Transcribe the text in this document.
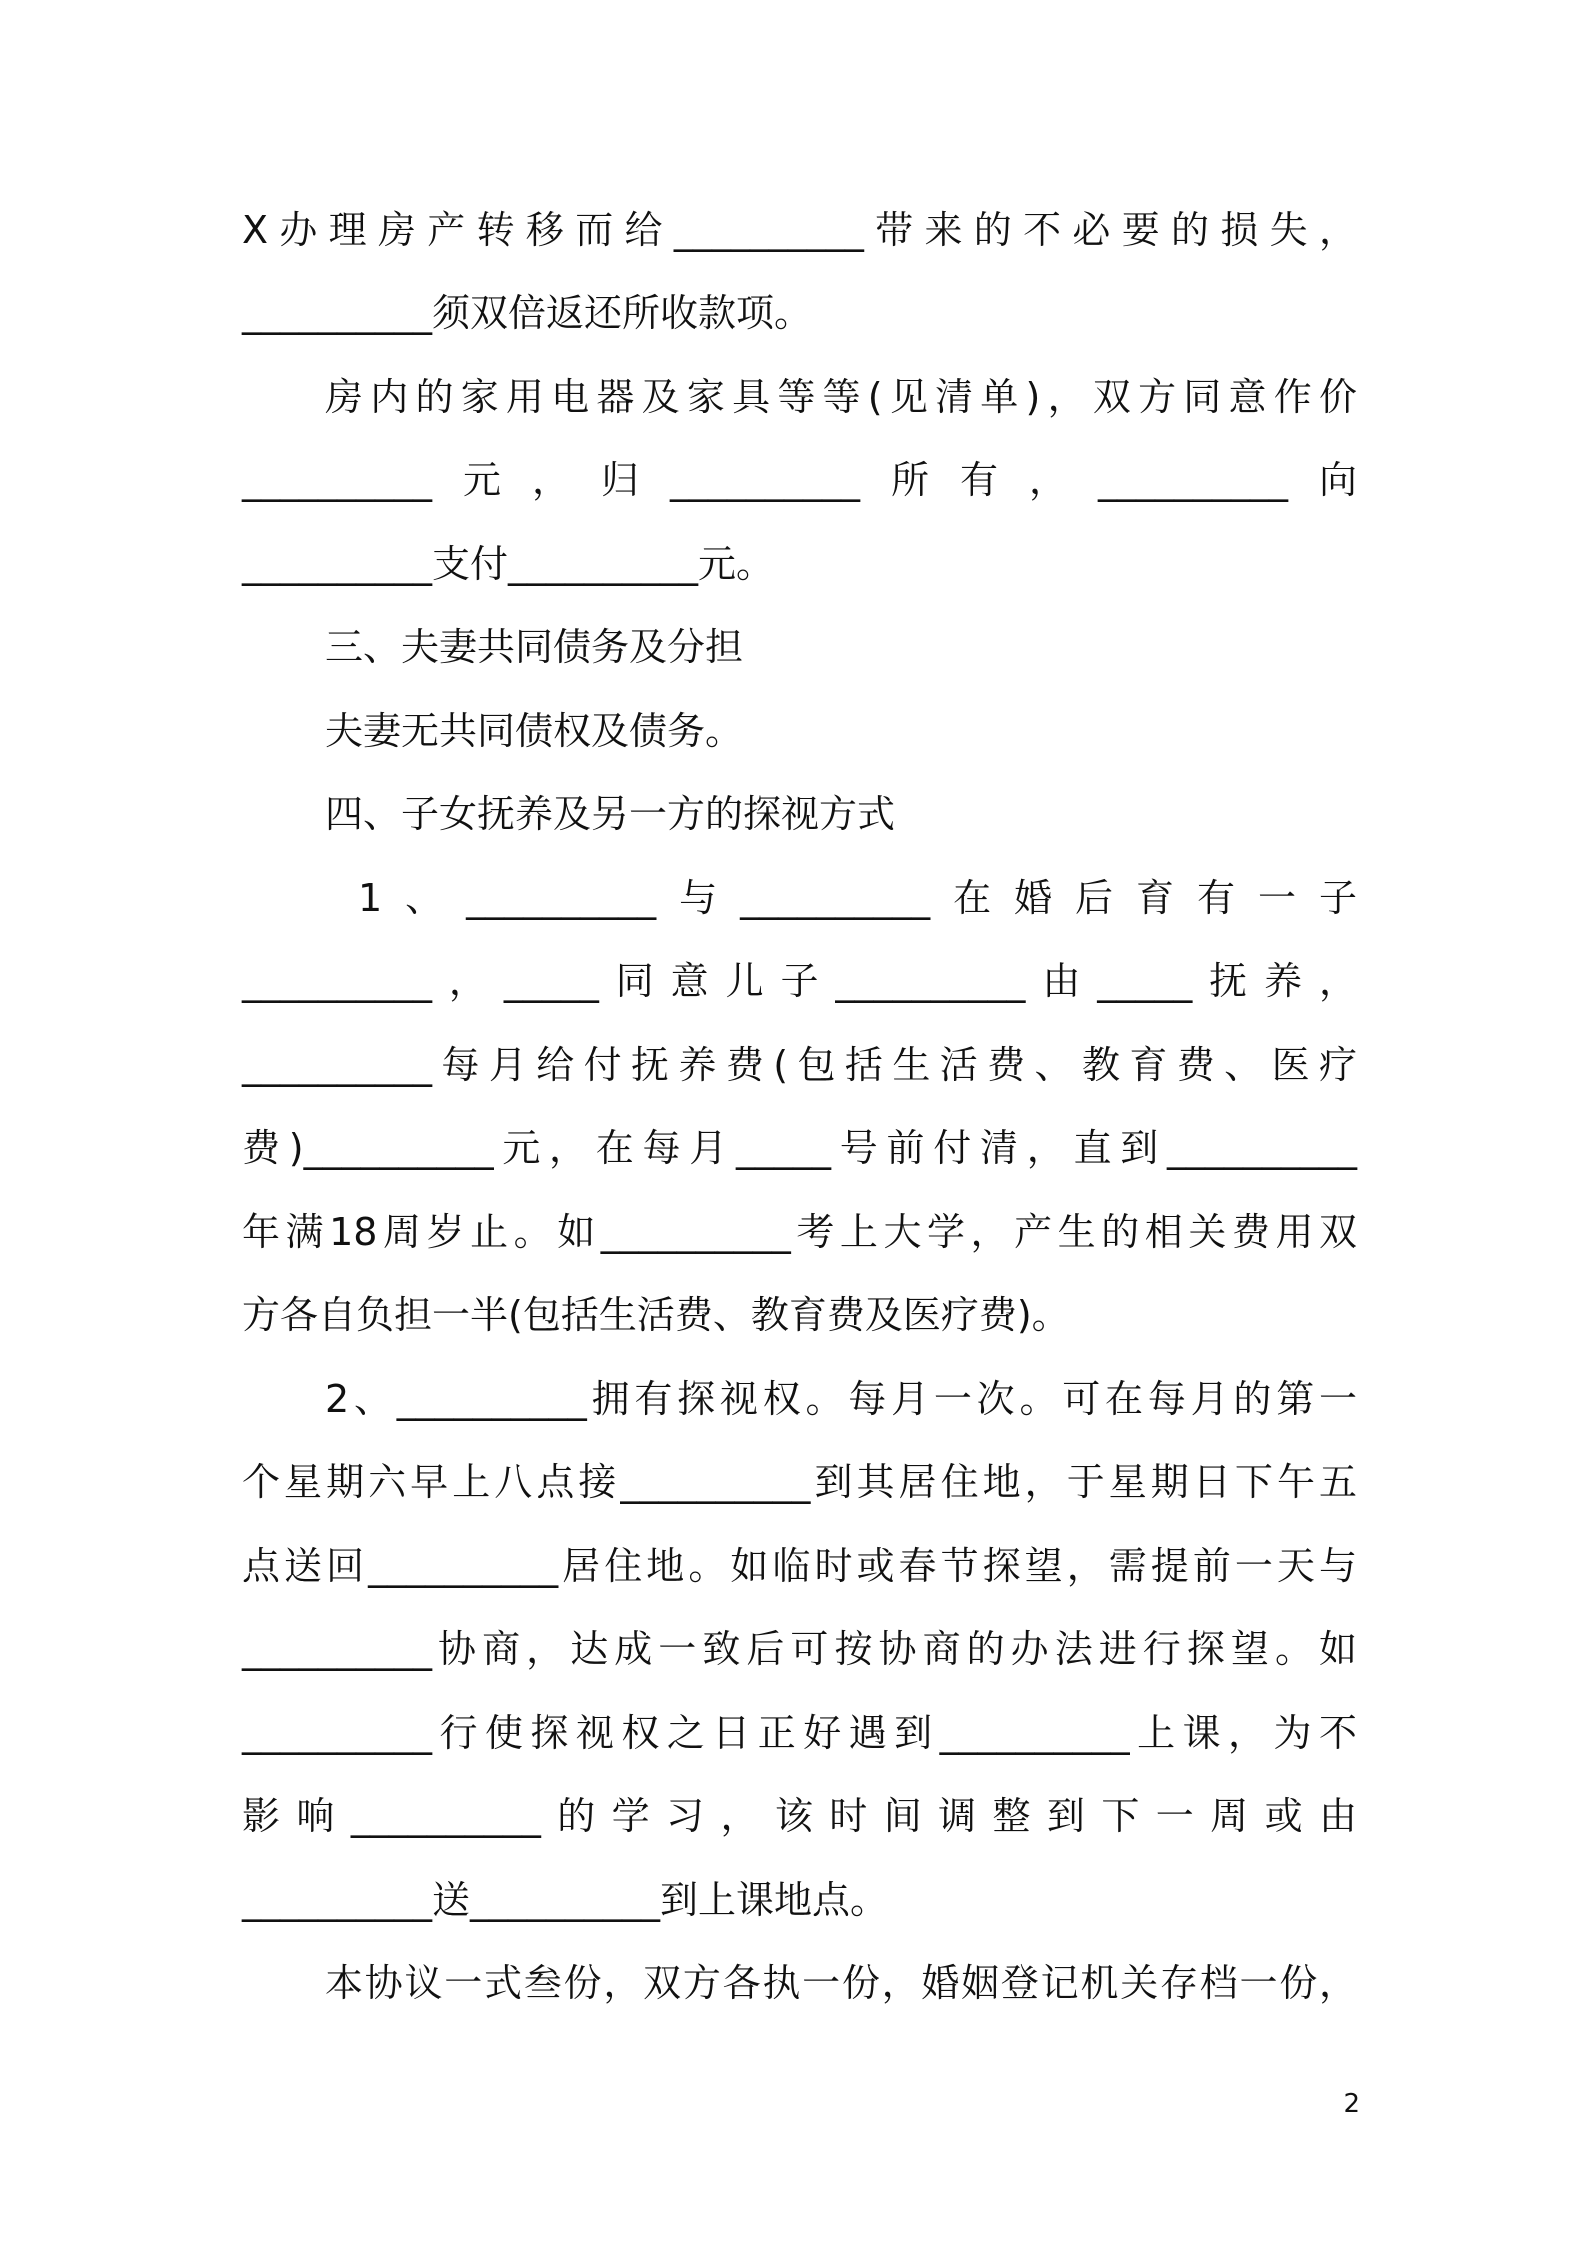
X办理房产转移而给__________带来的不必要的损失，
__________须双倍返还所收款项。
房内的家用电器及家具等等(见清单)，双方同意作价
__________元，归__________所有，__________向
__________支付__________元。
三、夫妻共同债务及分担
夫妻无共同债权及债务。
四、子女抚养及另一方的探视方式
1、__________与__________在婚后育有一子
__________，_____同意儿子__________由_____抚养，
__________每月给付抚养费(包括生活费、教育费、医疗
费)__________元，在每月_____号前付清，直到__________
年满18周岁止。如__________考上大学，产生的相关费用双
方各自负担一半(包括生活费、教育费及医疗费)。
2、__________拥有探视权。每月一次。可在每月的第一
个星期六早上八点接__________到其居住地，于星期日下午五
点送回__________居住地。如临时或春节探望，需提前一天与
__________协商，达成一致后可按协商的办法进行探望。如
__________行使探视权之日正好遇到__________上课，为不
影响__________的学习，该时间调整到下一周或由
__________送__________到上课地点。
本协议一式叁份，双方各执一份，婚姻登记机关存档一份，
2
